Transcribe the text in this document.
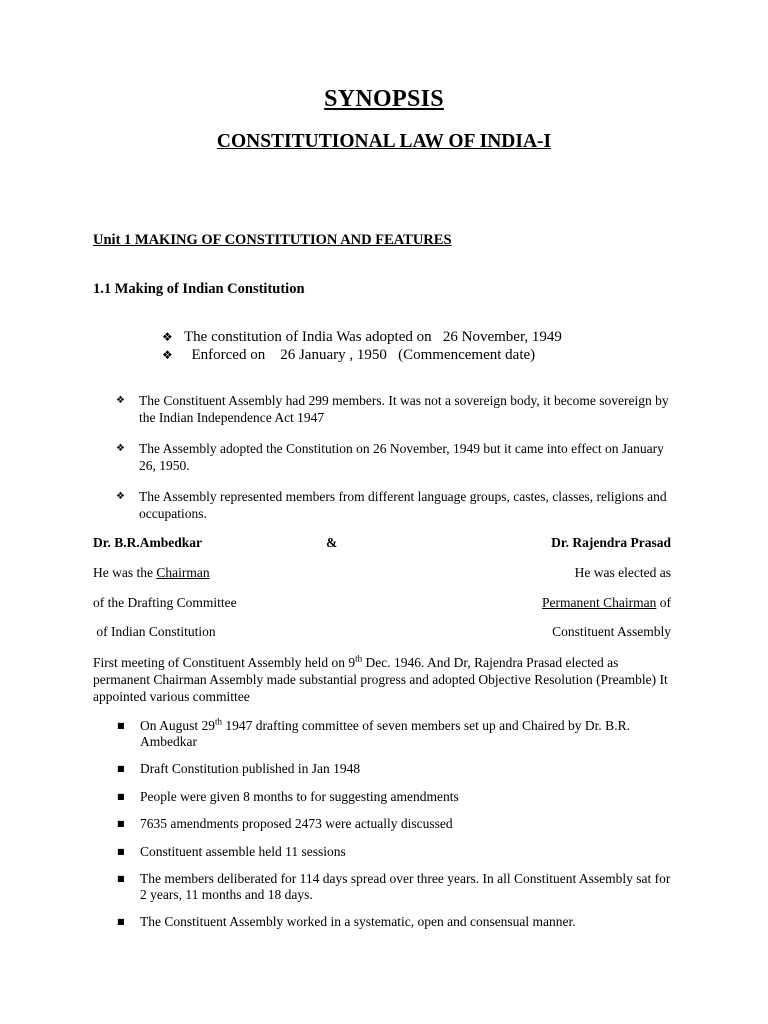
SYNOPSIS
CONSTITUTIONAL LAW OF INDIA-I
Unit 1 MAKING OF CONSTITUTION AND FEATURES
1.1 Making of Indian Constitution
❖ The constitution of India Was adopted on   26 November, 1949
❖ Enforced on    26 January , 1950   (Commencement date)
❖	The Constituent Assembly had 299 members. It was not a sovereign body, it become sovereign by the Indian Independence Act 1947
❖	The Assembly adopted the Constitution on 26 November, 1949 but it came into effect on January 26, 1950.
❖	The Assembly represented members from different language groups, castes, classes, religions and occupations.
Dr. B.R.Ambedkar	&	Dr. Rajendra Prasad
He was the Chairman	He was elected as
of the Drafting Committee	Permanent Chairman of
of Indian Constitution	Constituent Assembly
First meeting of Constituent Assembly held on 9th Dec. 1946. And Dr, Rajendra Prasad elected as permanent Chairman Assembly made substantial progress and adopted Objective Resolution (Preamble) It appointed various committee
■	On August 29th 1947 drafting committee of seven members set up and Chaired by Dr. B.R. Ambedkar
■	Draft Constitution published in Jan 1948
■	People were given 8 months to for suggesting amendments
■	7635 amendments proposed 2473 were actually discussed
■	Constituent assemble held 11 sessions
■	The members deliberated for 114 days spread over three years. In all Constituent Assembly sat for 2 years, 11 months and 18 days.
■	The Constituent Assembly worked in a systematic, open and consensual manner.
